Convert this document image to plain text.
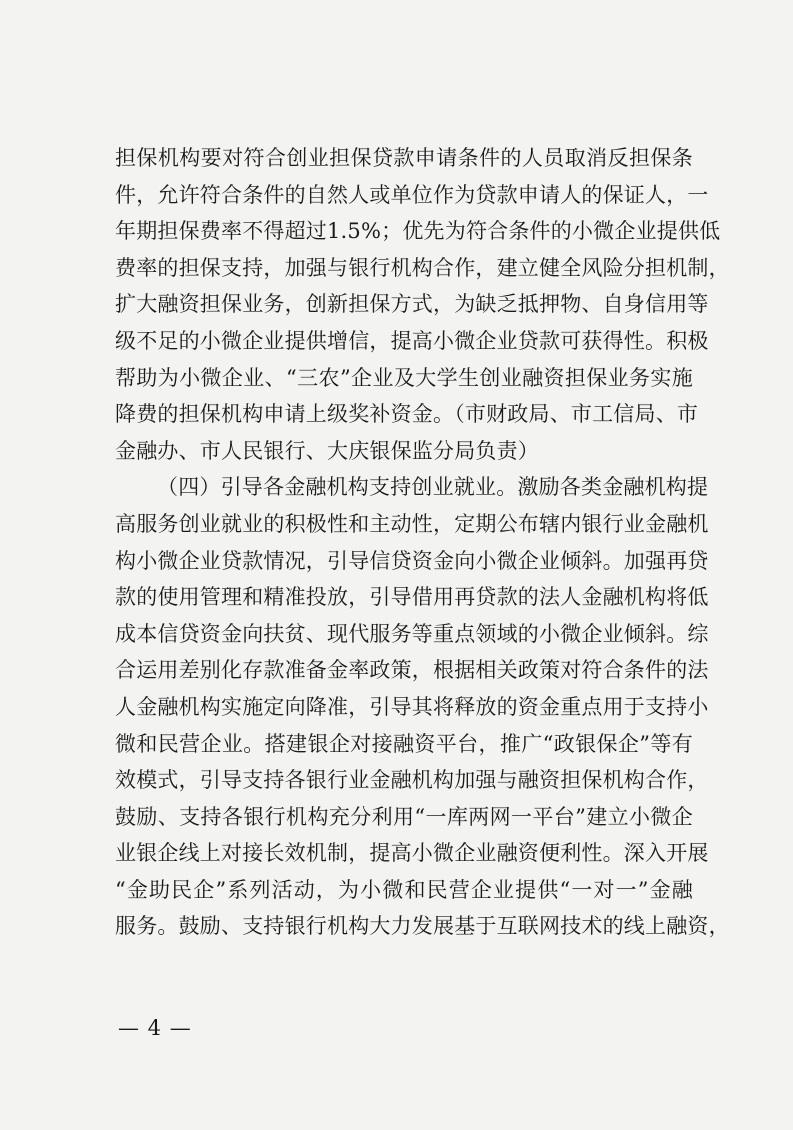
担保机构要对符合创业担保贷款申请条件的人员取消反担保条
件，允许符合条件的自然人或单位作为贷款申请人的保证人，一
年期担保费率不得超过1.5%；优先为符合条件的小微企业提供低
费率的担保支持，加强与银行机构合作，建立健全风险分担机制，
扩大融资担保业务，创新担保方式，为缺乏抵押物、自身信用等
级不足的小微企业提供增信，提高小微企业贷款可获得性。积极
帮助为小微企业、“三农”企业及大学生创业融资担保业务实施
降费的担保机构申请上级奖补资金。（市财政局、市工信局、市
金融办、市人民银行、大庆银保监分局负责）
（四）引导各金融机构支持创业就业。激励各类金融机构提
高服务创业就业的积极性和主动性，定期公布辖内银行业金融机
构小微企业贷款情况，引导信贷资金向小微企业倾斜。加强再贷
款的使用管理和精准投放，引导借用再贷款的法人金融机构将低
成本信贷资金向扶贫、现代服务等重点领域的小微企业倾斜。综
合运用差别化存款准备金率政策，根据相关政策对符合条件的法
人金融机构实施定向降准，引导其将释放的资金重点用于支持小
微和民营企业。搭建银企对接融资平台，推广“政银保企”等有
效模式，引导支持各银行业金融机构加强与融资担保机构合作，
鼓励、支持各银行机构充分利用“一库两网一平台”建立小微企
业银企线上对接长效机制，提高小微企业融资便利性。深入开展
“金助民企”系列活动，为小微和民营企业提供“一对一”金融
服务。鼓励、支持银行机构大力发展基于互联网技术的线上融资，
— 4 —
